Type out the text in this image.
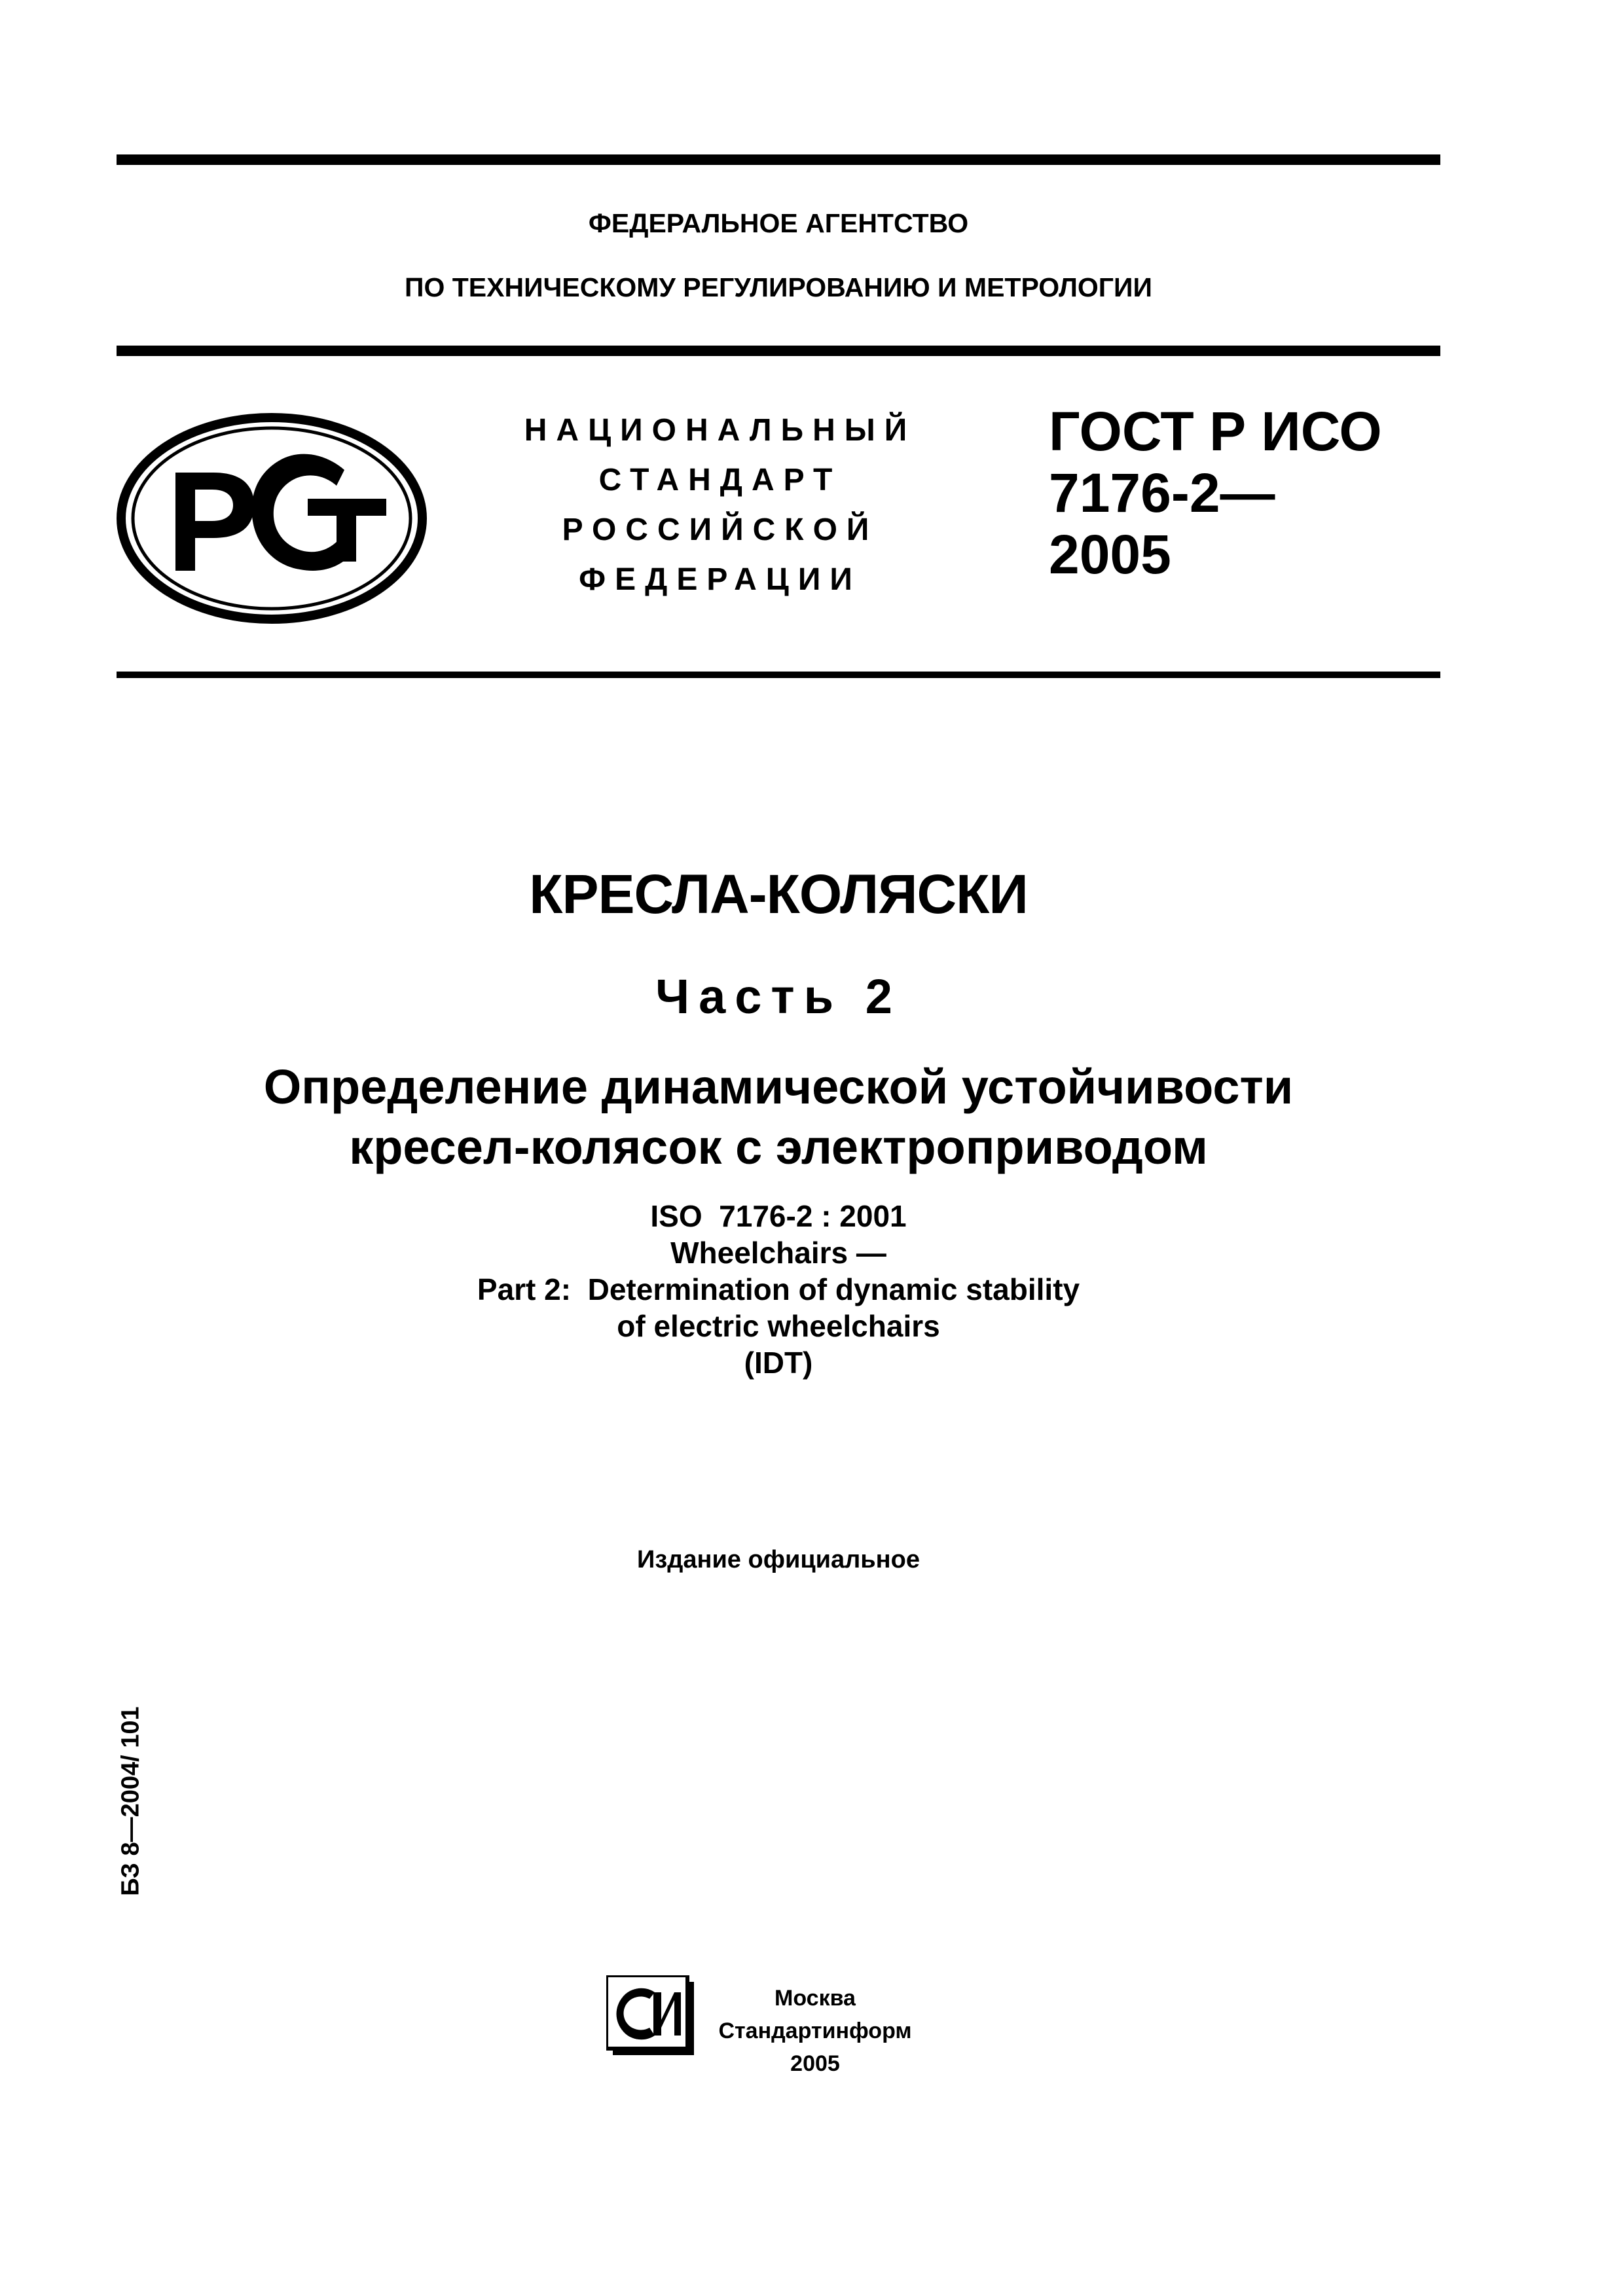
ФЕДЕРАЛЬНОЕ АГЕНТСТВО
ПО ТЕХНИЧЕСКОМУ РЕГУЛИРОВАНИЮ И МЕТРОЛОГИИ
НАЦИОНАЛЬНЫЙ
СТАНДАРТ
РОССИЙСКОЙ
ФЕДЕРАЦИИ
ГОСТ Р ИСО
7176-2—
2005
КРЕСЛА-КОЛЯСКИ
Часть 2
Определение динамической устойчивости
кресел-колясок с электроприводом
ISO  7176-2 : 2001
Wheelchairs —
Part 2:  Determination of dynamic stability
of electric wheelchairs
(IDT)
Издание официальное
БЗ 8—2004/ 101
Москва
Стандартинформ
2005
